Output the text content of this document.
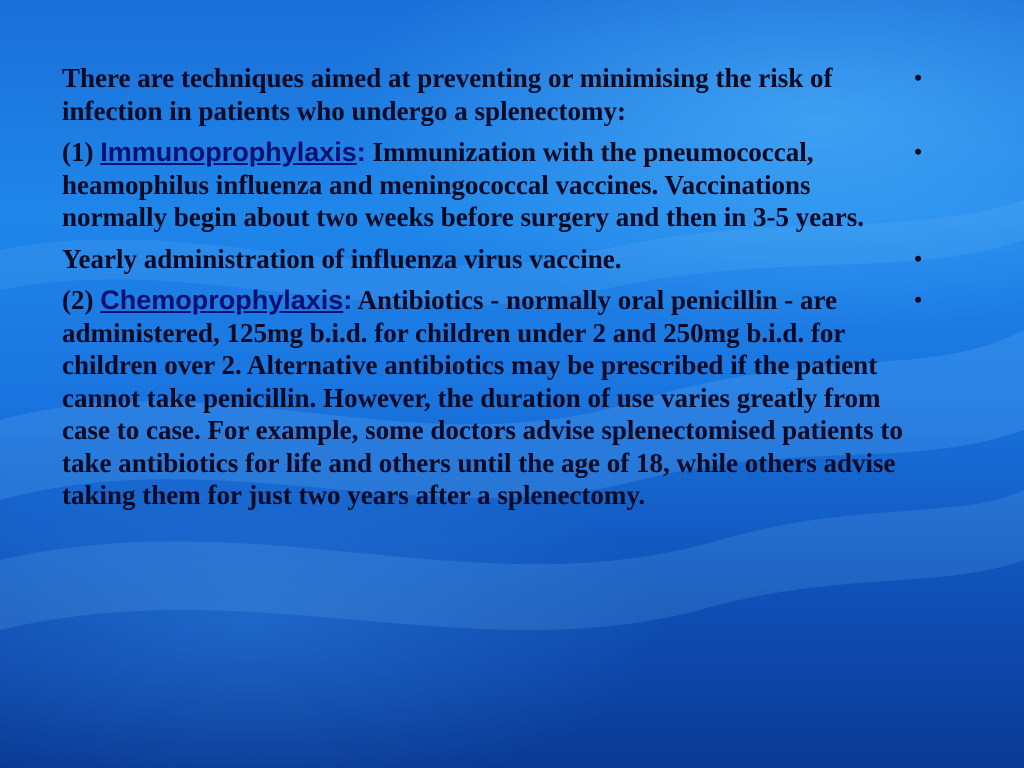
•
There are techniques aimed at preventing or minimising the risk of infection in patients who undergo a splenectomy:

•
(1) Immunoprophylaxis: Immunization with the pneumococcal, heamophilus influenza and meningococcal vaccines. Vaccinations normally begin about two weeks before surgery and then in 3-5 years.

•
Yearly administration of influenza virus vaccine.

•
(2) Chemoprophylaxis: Antibiotics - normally oral penicillin - are administered, 125mg b.i.d. for children under 2 and 250mg b.i.d. for children over 2. Alternative antibiotics may be prescribed if the patient cannot take penicillin. However, the duration of use varies greatly from case to case. For example, some doctors advise splenectomised patients to take antibiotics for life and others until the age of 18, while others advise taking them for just two years after a splenectomy.
